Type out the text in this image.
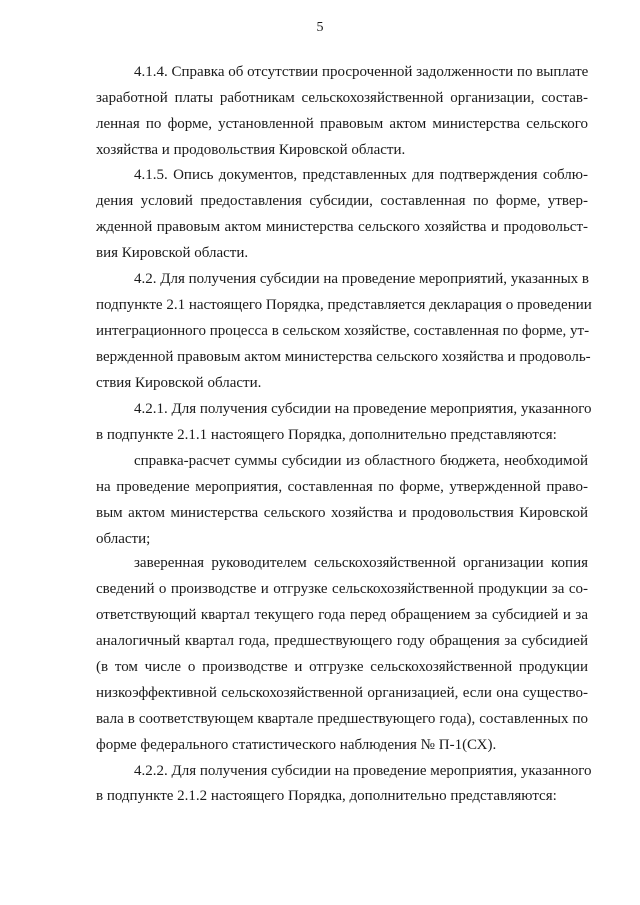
5
4.1.4. Справка об отсутствии просроченной задолженности по выплате
заработной платы работникам сельскохозяйственной организации, состав-
ленная по форме, установленной правовым актом министерства сельского
хозяйства и продовольствия Кировской области.
4.1.5. Опись документов, представленных для подтверждения соблю-
дения условий предоставления субсидии, составленная по форме, утвер-
жденной правовым актом министерства сельского хозяйства и продовольст-
вия Кировской области.
4.2. Для получения субсидии на проведение мероприятий, указанных в
подпункте 2.1 настоящего Порядка, представляется декларация о проведении
интеграционного процесса в сельском хозяйстве, составленная по форме, ут-
вержденной правовым актом министерства сельского хозяйства и продоволь-
ствия Кировской области.
4.2.1. Для получения субсидии на проведение мероприятия, указанного
в подпункте 2.1.1 настоящего Порядка, дополнительно представляются:
справка-расчет суммы субсидии из областного бюджета, необходимой
на проведение мероприятия, составленная по форме, утвержденной право-
вым актом министерства сельского хозяйства и продовольствия Кировской
области;
заверенная руководителем сельскохозяйственной организации копия
сведений о производстве и отгрузке сельскохозяйственной продукции за со-
ответствующий квартал текущего года перед обращением за субсидией и за
аналогичный квартал года, предшествующего году обращения за субсидией
(в том числе о производстве и отгрузке сельскохозяйственной продукции
низкоэффективной сельскохозяйственной организацией, если она существо-
вала в соответствующем квартале предшествующего года), составленных по
форме федерального статистического наблюдения № П-1(СХ).
4.2.2. Для получения субсидии на проведение мероприятия, указанного
в подпункте 2.1.2 настоящего Порядка, дополнительно представляются:
